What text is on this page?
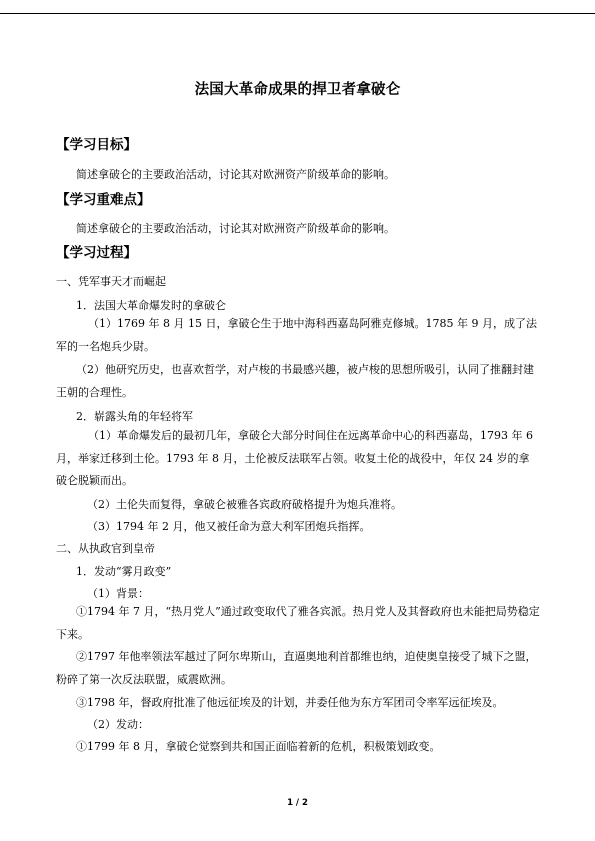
法国大革命成果的捍卫者拿破仑
【学习目标】
简述拿破仑的主要政治活动，讨论其对欧洲资产阶级革命的影响。
【学习重难点】
简述拿破仑的主要政治活动，讨论其对欧洲资产阶级革命的影响。
【学习过程】
一、凭军事天才而崛起
1．法国大革命爆发时的拿破仑
（1）1769 年 8 月 15 日，拿破仑生于地中海科西嘉岛阿雅克修城。1785 年 9 月，成了法军的一名炮兵少尉。
（2）他研究历史，也喜欢哲学，对卢梭的书最感兴趣，被卢梭的思想所吸引，认同了推翻封建王朝的合理性。
2．崭露头角的年轻将军
（1）革命爆发后的最初几年，拿破仑大部分时间住在远离革命中心的科西嘉岛，1793 年 6 月，举家迁移到土伦。1793 年 8 月，土伦被反法联军占领。收复土伦的战役中，年仅 24 岁的拿破仑脱颖而出。
（2）土伦失而复得，拿破仑被雅各宾政府破格提升为炮兵准将。
（3）1794 年 2 月，他又被任命为意大利军团炮兵指挥。
二、从执政官到皇帝
1．发动“雾月政变”
（1）背景：
①1794 年 7 月，“热月党人”通过政变取代了雅各宾派。热月党人及其督政府也未能把局势稳定下来。
②1797 年他率领法军越过了阿尔卑斯山，直逼奥地利首都维也纳，迫使奥皇接受了城下之盟，粉碎了第一次反法联盟，威震欧洲。
③1798 年，督政府批准了他远征埃及的计划，并委任他为东方军团司令率军远征埃及。
（2）发动：
①1799 年 8 月，拿破仑觉察到共和国正面临着新的危机，积极策划政变。
1 / 2
